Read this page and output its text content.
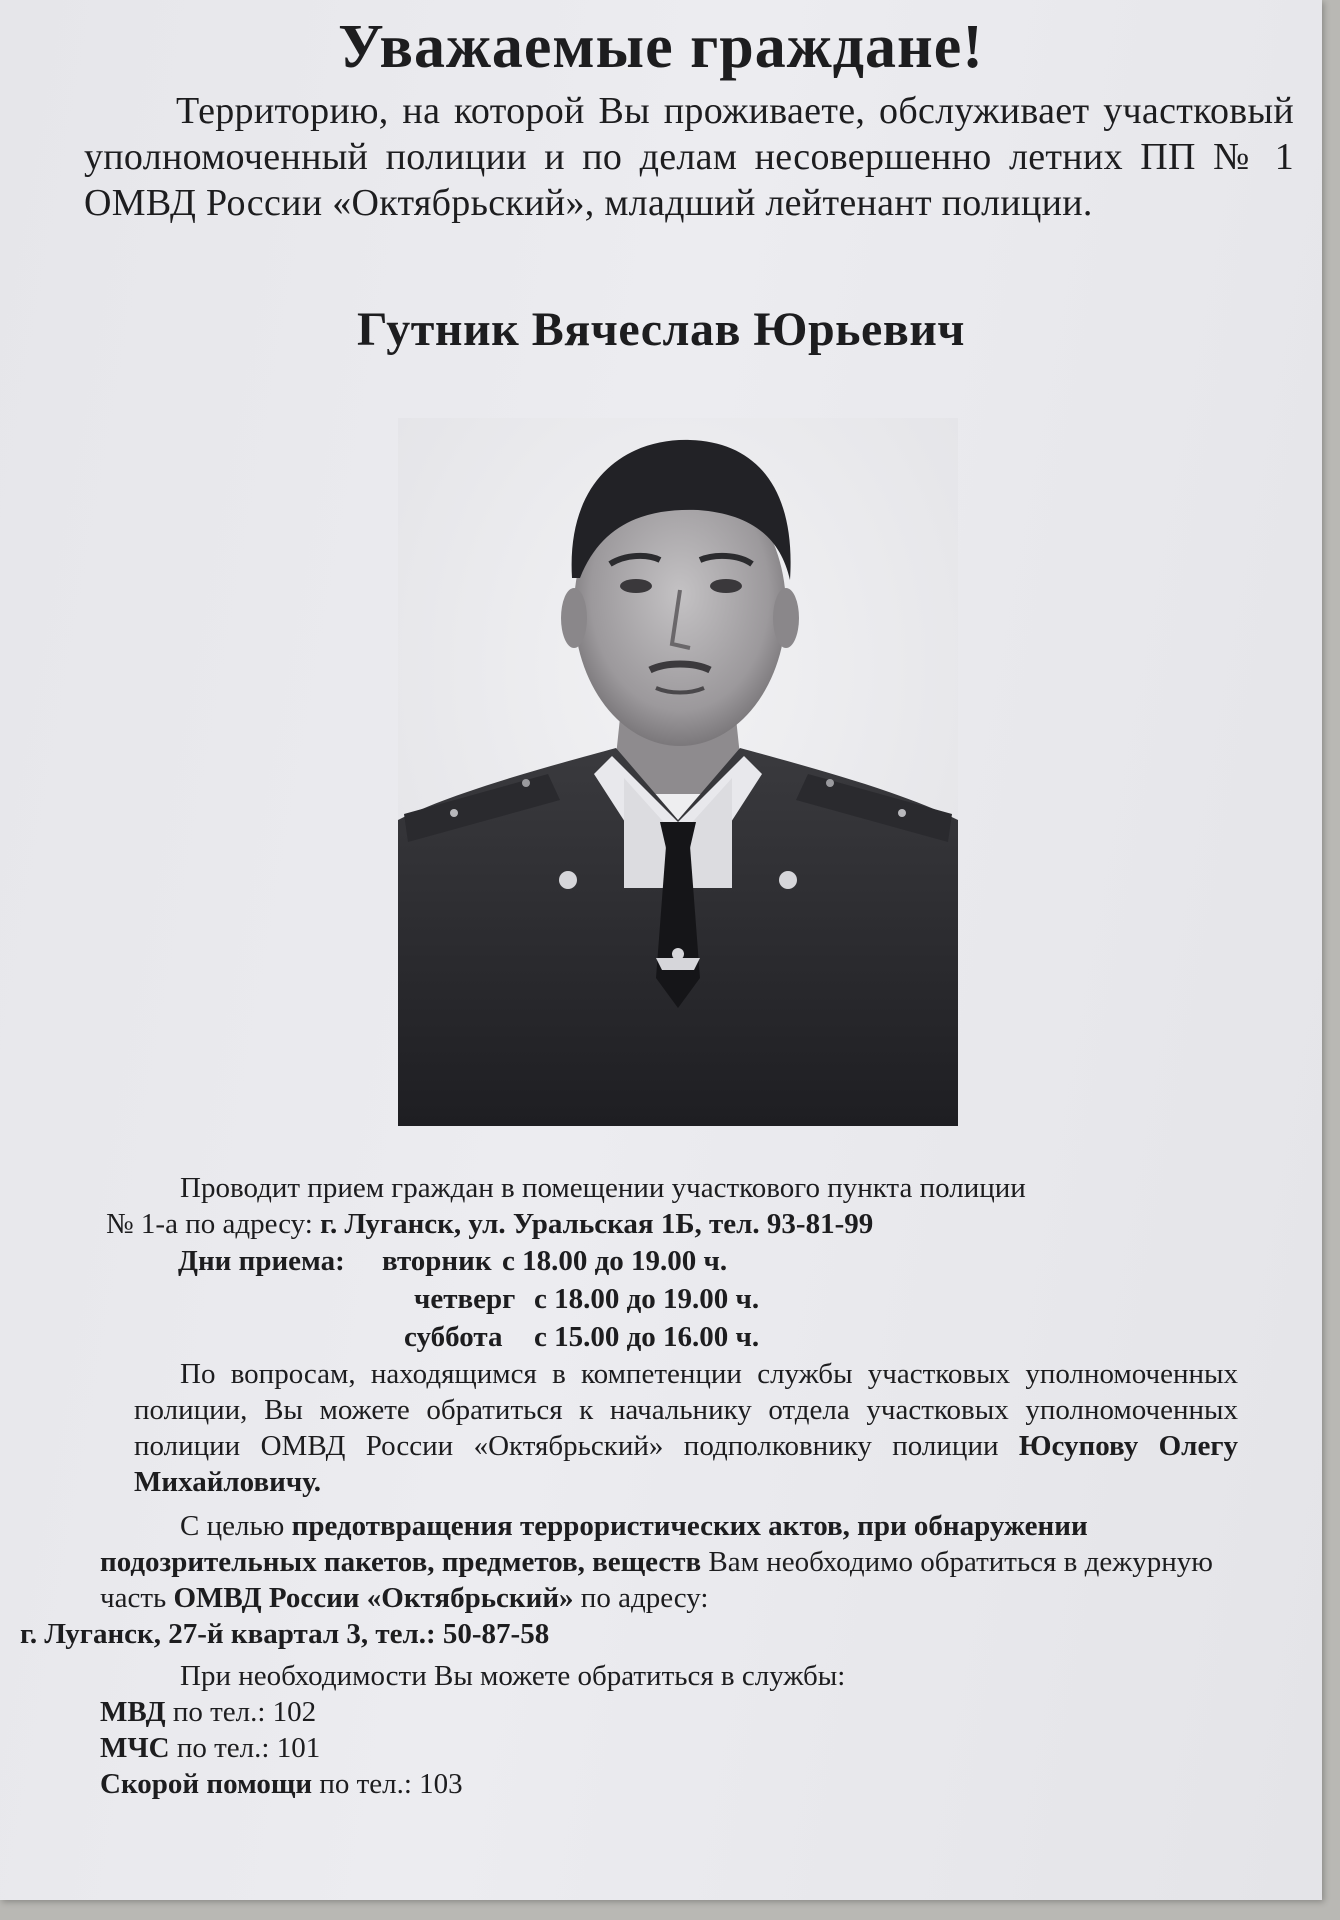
Уважаемые граждане!
Территорию, на которой Вы проживаете, обслуживает участковый уполномоченный полиции и по делам несовершенно летних ПП № 1 ОМВД России «Октябрьский», младший лейтенант полиции.
Гутник Вячеслав Юрьевич
Проводит прием граждан в помещении участкового пункта полиции
№ 1-а по адресу: г. Луганск, ул. Уральская 1Б, тел. 93-81-99
Дни приема:	вторник с 18.00 до 19.00 ч.
четверг с 18.00 до 19.00 ч.
суббота	с 15.00 до 16.00 ч.
По вопросам, находящимся в компетенции службы участковых уполномоченных полиции, Вы можете обратиться к начальнику отдела участковых уполномоченных полиции ОМВД России «Октябрьский» подполковнику полиции Юсупову Олегу Михайловичу.
С целью предотвращения террористических актов, при обнаружении подозрительных пакетов, предметов, веществ Вам необходимо обратиться в дежурную часть ОМВД России «Октябрьский» по адресу:
г. Луганск, 27-й квартал 3, тел.: 50-87-58
При необходимости Вы можете обратиться в службы:
МВД по тел.: 102
МЧС по тел.: 101
Скорой помощи по тел.: 103
